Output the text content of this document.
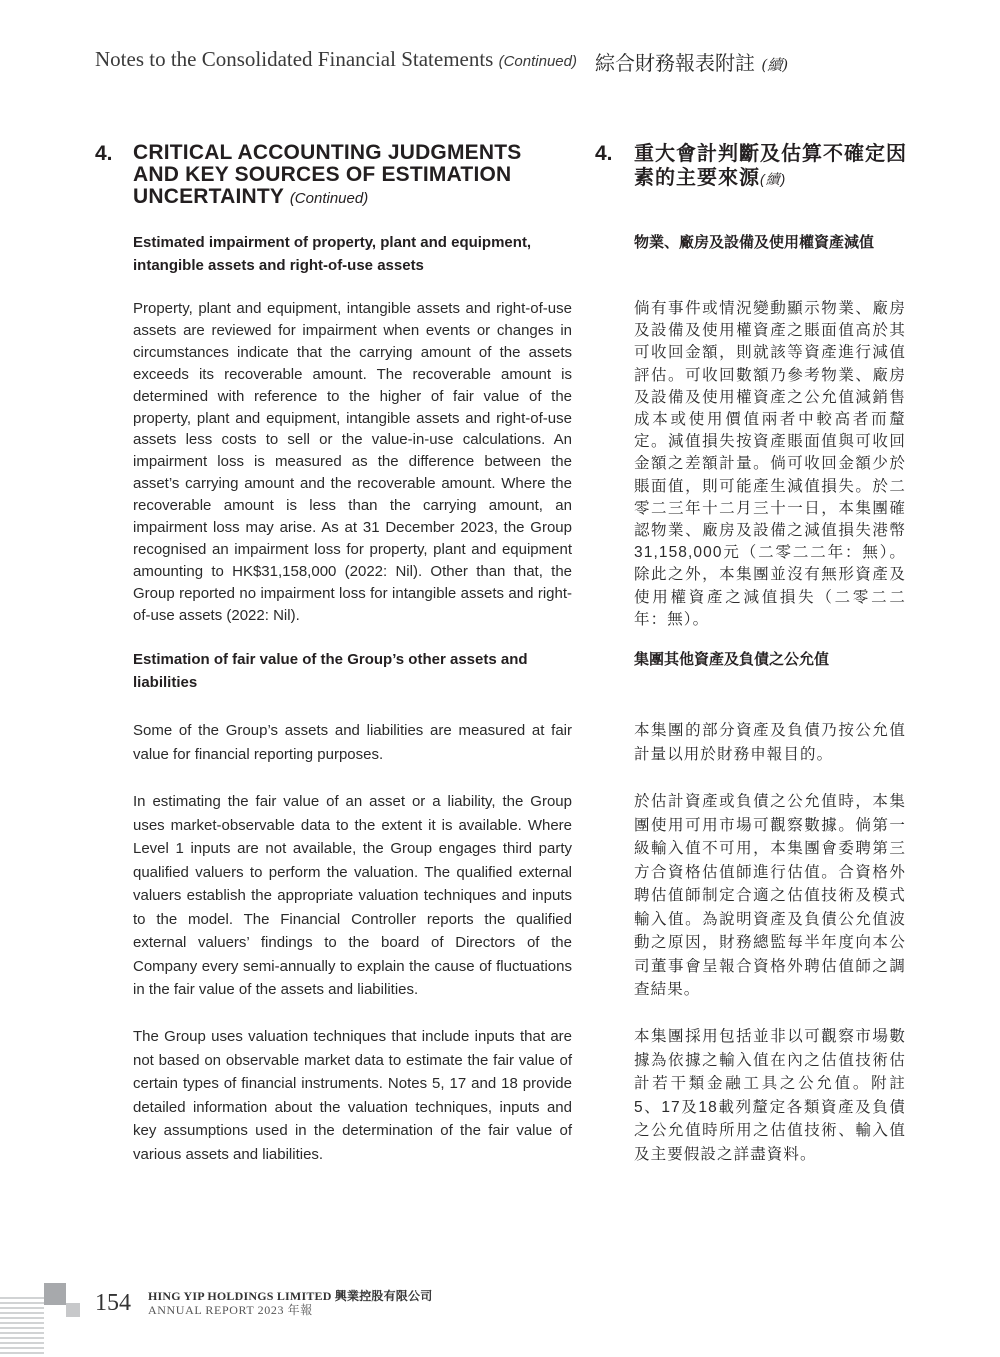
Notes to the Consolidated Financial Statements (Continued) 綜合財務報表附註 (續)
4. CRITICAL ACCOUNTING JUDGMENTS AND KEY SOURCES OF ESTIMATION UNCERTAINTY (Continued)
4. 重大會計判斷及估算不確定因素的主要來源(續)
Estimated impairment of property, plant and equipment, intangible assets and right-of-use assets
物業、廠房及設備及使用權資產減值
Property, plant and equipment, intangible assets and right-of-use assets are reviewed for impairment when events or changes in circumstances indicate that the carrying amount of the assets exceeds its recoverable amount. The recoverable amount is determined with reference to the higher of fair value of the property, plant and equipment, intangible assets and right-of-use assets less costs to sell or the value-in-use calculations. An impairment loss is measured as the difference between the asset’s carrying amount and the recoverable amount. Where the recoverable amount is less than the carrying amount, an impairment loss may arise. As at 31 December 2023, the Group recognised an impairment loss for property, plant and equipment amounting to HK$31,158,000 (2022: Nil). Other than that, the Group reported no impairment loss for intangible assets and right-of-use assets (2022: Nil).
倘有事件或情況變動顯示物業、廠房及設備及使用權資產之賬面值高於其可收回金額，則就該等資產進行減值評估。可收回數額乃參考物業、廠房及設備及使用權資產之公允值減銷售成本或使用價值兩者中較高者而釐定。減值損失按資產賬面值與可收回金額之差額計量。倘可收回金額少於賬面值，則可能產生減值損失。於二零二三年十二月三十一日，本集團確認物業、廠房及設備之減值損失港幣31,158,000元（二零二二年：無）。除此之外，本集團並沒有無形資產及使用權資產之減值損失（二零二二年：無）。
Estimation of fair value of the Group’s other assets and liabilities
集團其他資產及負債之公允值
Some of the Group’s assets and liabilities are measured at fair value for financial reporting purposes.
本集團的部分資產及負債乃按公允值計量以用於財務申報目的。
In estimating the fair value of an asset or a liability, the Group uses market-observable data to the extent it is available. Where Level 1 inputs are not available, the Group engages third party qualified valuers to perform the valuation. The qualified external valuers establish the appropriate valuation techniques and inputs to the model. The Financial Controller reports the qualified external valuers’ findings to the board of Directors of the Company every semi-annually to explain the cause of fluctuations in the fair value of the assets and liabilities.
於估計資產或負債之公允值時，本集團使用可用市場可觀察數據。倘第一級輸入值不可用，本集團會委聘第三方合資格估值師進行估值。合資格外聘估值師制定合適之估值技術及模式輸入值。為說明資產及負債公允值波動之原因，財務總監每半年度向本公司董事會呈報合資格外聘估值師之調查結果。
The Group uses valuation techniques that include inputs that are not based on observable market data to estimate the fair value of certain types of financial instruments. Notes 5, 17 and 18 provide detailed information about the valuation techniques, inputs and key assumptions used in the determination of the fair value of various assets and liabilities.
本集團採用包括並非以可觀察市場數據為依據之輸入值在內之估值技術估計若干類金融工具之公允值。附註5、17及18載列釐定各類資產及負債之公允值時所用之估值技術、輸入值及主要假設之詳盡資料。
154 HING YIP HOLDINGS LIMITED 興業控股有限公司
ANNUAL REPORT 2023 年報
